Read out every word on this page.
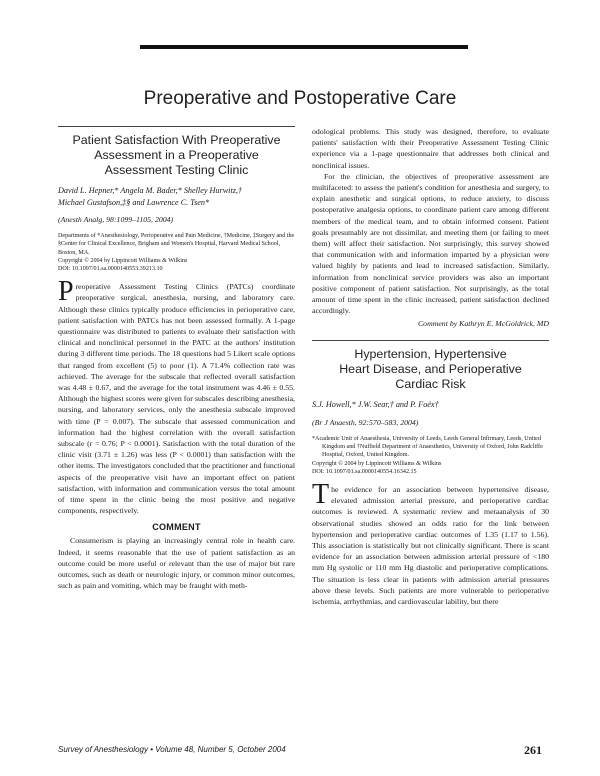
Preoperative and Postoperative Care
Patient Satisfaction With Preoperative
Assessment in a Preoperative
Assessment Testing Clinic
David L. Hepner,* Angela M. Bader,* Shelley Hurwitz,†
Michael Gustafson,‡§ and Lawrence C. Tsen*

(Anesth Analg, 98:1099–1105, 2004)

Departments of *Anesthesiology, Perioperative and Pain Medicine, †Medicine, ‡Surgery and the §Center for Clinical Excellence, Brigham and Women's Hospital, Harvard Medical School, Boston, MA.

Copyright © 2004 by Lippincott Williams & Wilkins

DOI: 10.1097/01.sa.0000140553.39213.10

Preoperative Assessment Testing Clinics (PATCs) coordinate preoperative surgical, anesthesia, nursing, and laboratory care. Although these clinics typically produce efficiencies in perioperative care, patient satisfaction with PATCs has not been assessed formally. A 1-page questionnaire was distributed to patients to evaluate their satisfaction with clinical and nonclinical personnel in the PATC at the authors' institution during 3 different time periods. The 18 questions had 5 Likert scale options that ranged from excellent (5) to poor (1). A 71.4% collection rate was achieved. The average for the subscale that reflected overall satisfaction was 4.48 ± 0.67, and the average for the total instrument was 4.46 ± 0.55. Although the highest scores were given for subscales describing anesthesia, nursing, and laboratory services, only the anesthesia subscale improved with time (P = 0.007). The subscale that assessed communication and information had the highest correlation with the overall satisfaction subscale (r = 0.76; P < 0.0001). Satisfaction with the total duration of the clinic visit (3.71 ± 1.26) was less (P < 0.0001) than satisfaction with the other items. The investigators concluded that the practitioner and functional aspects of the preoperative visit have an important effect on patient satisfaction, with information and communication versus the total amount of time spent in the clinic being the most positive and negative components, respectively.

COMMENT

Consumerism is playing an increasingly central role in health care. Indeed, it seems reasonable that the use of patient satisfaction as an outcome could be more useful or relevant than the use of major but rare outcomes, such as death or neurologic injury, or common minor outcomes, such as pain and vomiting, which may be fraught with meth-

odological problems. This study was designed, therefore, to evaluate patients' satisfaction with their Preoperative Assessment Testing Clinic experience via a 1-page questionnaire that addresses both clinical and nonclinical issues.

For the clinician, the objectives of preoperative assessment are multifaceted: to assess the patient's condition for anesthesia and surgery, to explain anesthetic and surgical options, to reduce anxiety, to discuss postoperative analgesia options, to coordinate patient care among different members of the medical team, and to obtain informed consent. Patient goals presumably are not dissimilar, and meeting them (or failing to meet them) will affect their satisfaction. Not surprisingly, this survey showed that communication with and information imparted by a physician were valued highly by patients and lead to increased satisfaction. Similarly, information from nonclinical service providers was also an important positive component of patient satisfaction. Not surprisingly, as the total amount of time spent in the clinic increased, patient satisfaction declined accordingly.

Comment by Kathryn E. McGoldrick, MD

Hypertension, Hypertensive
Heart Disease, and Perioperative
Cardiac Risk
S.J. Howell,* J.W. Sear,† and P. Foëx†

(Br J Anaesth, 92:570–583, 2004)

*Academic Unit of Anaesthesia, University of Leeds, Leeds General Infirmary, Leeds, United Kingdom and †Nuffield Department of Anaesthetics, University of Oxford, John Radcliffe Hospital, Oxford, United Kingdom.

Copyright © 2004 by Lippincott Williams & Wilkins

DOI: 10.1097/01.sa.0000140554.16342.15

The evidence for an association between hypertensive disease, elevated admission arterial pressure, and perioperative cardiac outcomes is reviewed. A systematic review and metaanalysis of 30 observational studies showed an odds ratio for the link between hypertension and perioperative cardiac outcomes of 1.35 (1.17 to 1.56). This association is statistically but not clinically significant. There is scant evidence for an association between admission arterial pressure of <180 mm Hg systolic or 110 mm Hg diastolic and perioperative complications. The situation is less clear in patients with admission arterial pressures above these levels. Such patients are more vulnerable to perioperative ischemia, arrhythmias, and cardiovascular lability, but there

Survey of Anesthesiology • Volume 48, Number 5, October 2004	261
